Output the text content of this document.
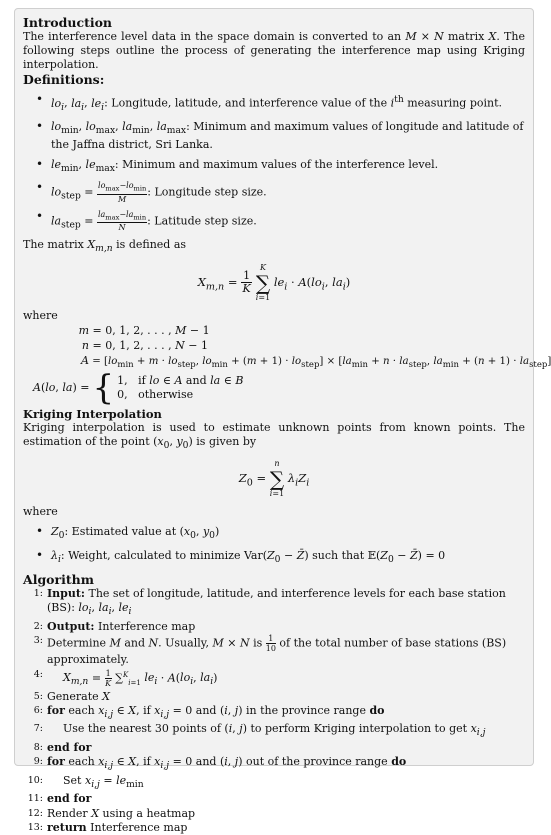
Introduction

The interference level data in the space domain is converted to an M × N matrix X. The following steps outline the process of generating the interference map using Kriging interpolation.

Definitions:

• $lo_i$, $la_i$, $le_i$: Longitude, latitude, and interference value of the $i^{th}$ measuring point.
• $lo_{min}$, $lo_{max}$, $la_{min}$, $la_{max}$: Minimum and maximum values of longitude and latitude of the Jaffna district, Sri Lanka.
• $le_{min}$, $le_{max}$: Minimum and maximum values of the interference level.
• $lo_{step} = \frac{lo_{max}-lo_{min}}{M}$: Longitude step size.
• $la_{step} = \frac{la_{max}-la_{min}}{N}$: Latitude step size.

The matrix $X_{m,n}$ is defined as

$X_{m,n} = \frac{1}{K}$
K
∑
i=1
$le_i \cdot A(lo_i$, $la_i$)

where

m = 0, 1, 2, . . . , M − 1
n = 0, 1, 2, . . . , N − 1
$A = [lo_{min} + m \cdot lo_{step}$, $lo_{min} + (m + 1) \cdot lo_{step}] \times [la_{min} + n \cdot la_{step}$, $la_{min} + (n + 1) \cdot la_{step}$]
A(lo, la) = { 1,   if lo ∈ A and la ∈ B
0,   otherwise

Kriging Interpolation

Kriging interpolation is used to estimate unknown points from known points. The estimation of the point ($x_0$, $y_0$) is given by

$Z_0$ =
n
∑
i=1
$\lambda_iZ_i$

where

• $Z_0$: Estimated value at ($x_0$, $y_0$)
• $\lambda_i$: Weight, calculated to minimize $Var(Z_0$ − Z̄) such that $𝔼(Z_0$ − Z̄) = 0

Algorithm

1: Input: The set of longitude, latitude, and interference levels for each base station (BS): $lo_i$, $la_i$, $le_i$
2: Output: Interference map
3: Determine M and N. Usually, M × N is $\frac{1}{10}$ of the total number of base stations (BS) approximately.
4:	$X_{m,n} = \frac{1}{K} \sum^K_{i=1}$ $le_i \cdot A(lo_i$, $la_i$)
5: Generate X
6: for each $x_{i,j}$ ∈ X, if $x_{i,j} = 0$ and (i, j) in the province range do
7:	Use the nearest 30 points of (i, j) to perform Kriging interpolation to get $x_{i,j}$
8: end for
9: for each $x_{i,j}$ ∈ X, if $x_{i,j} = 0$ and (i, j) out of the province range do
10:	Set $x_{i,j} = le_{min}$
11: end for
12: Render X using a heatmap
13: return Interference map
